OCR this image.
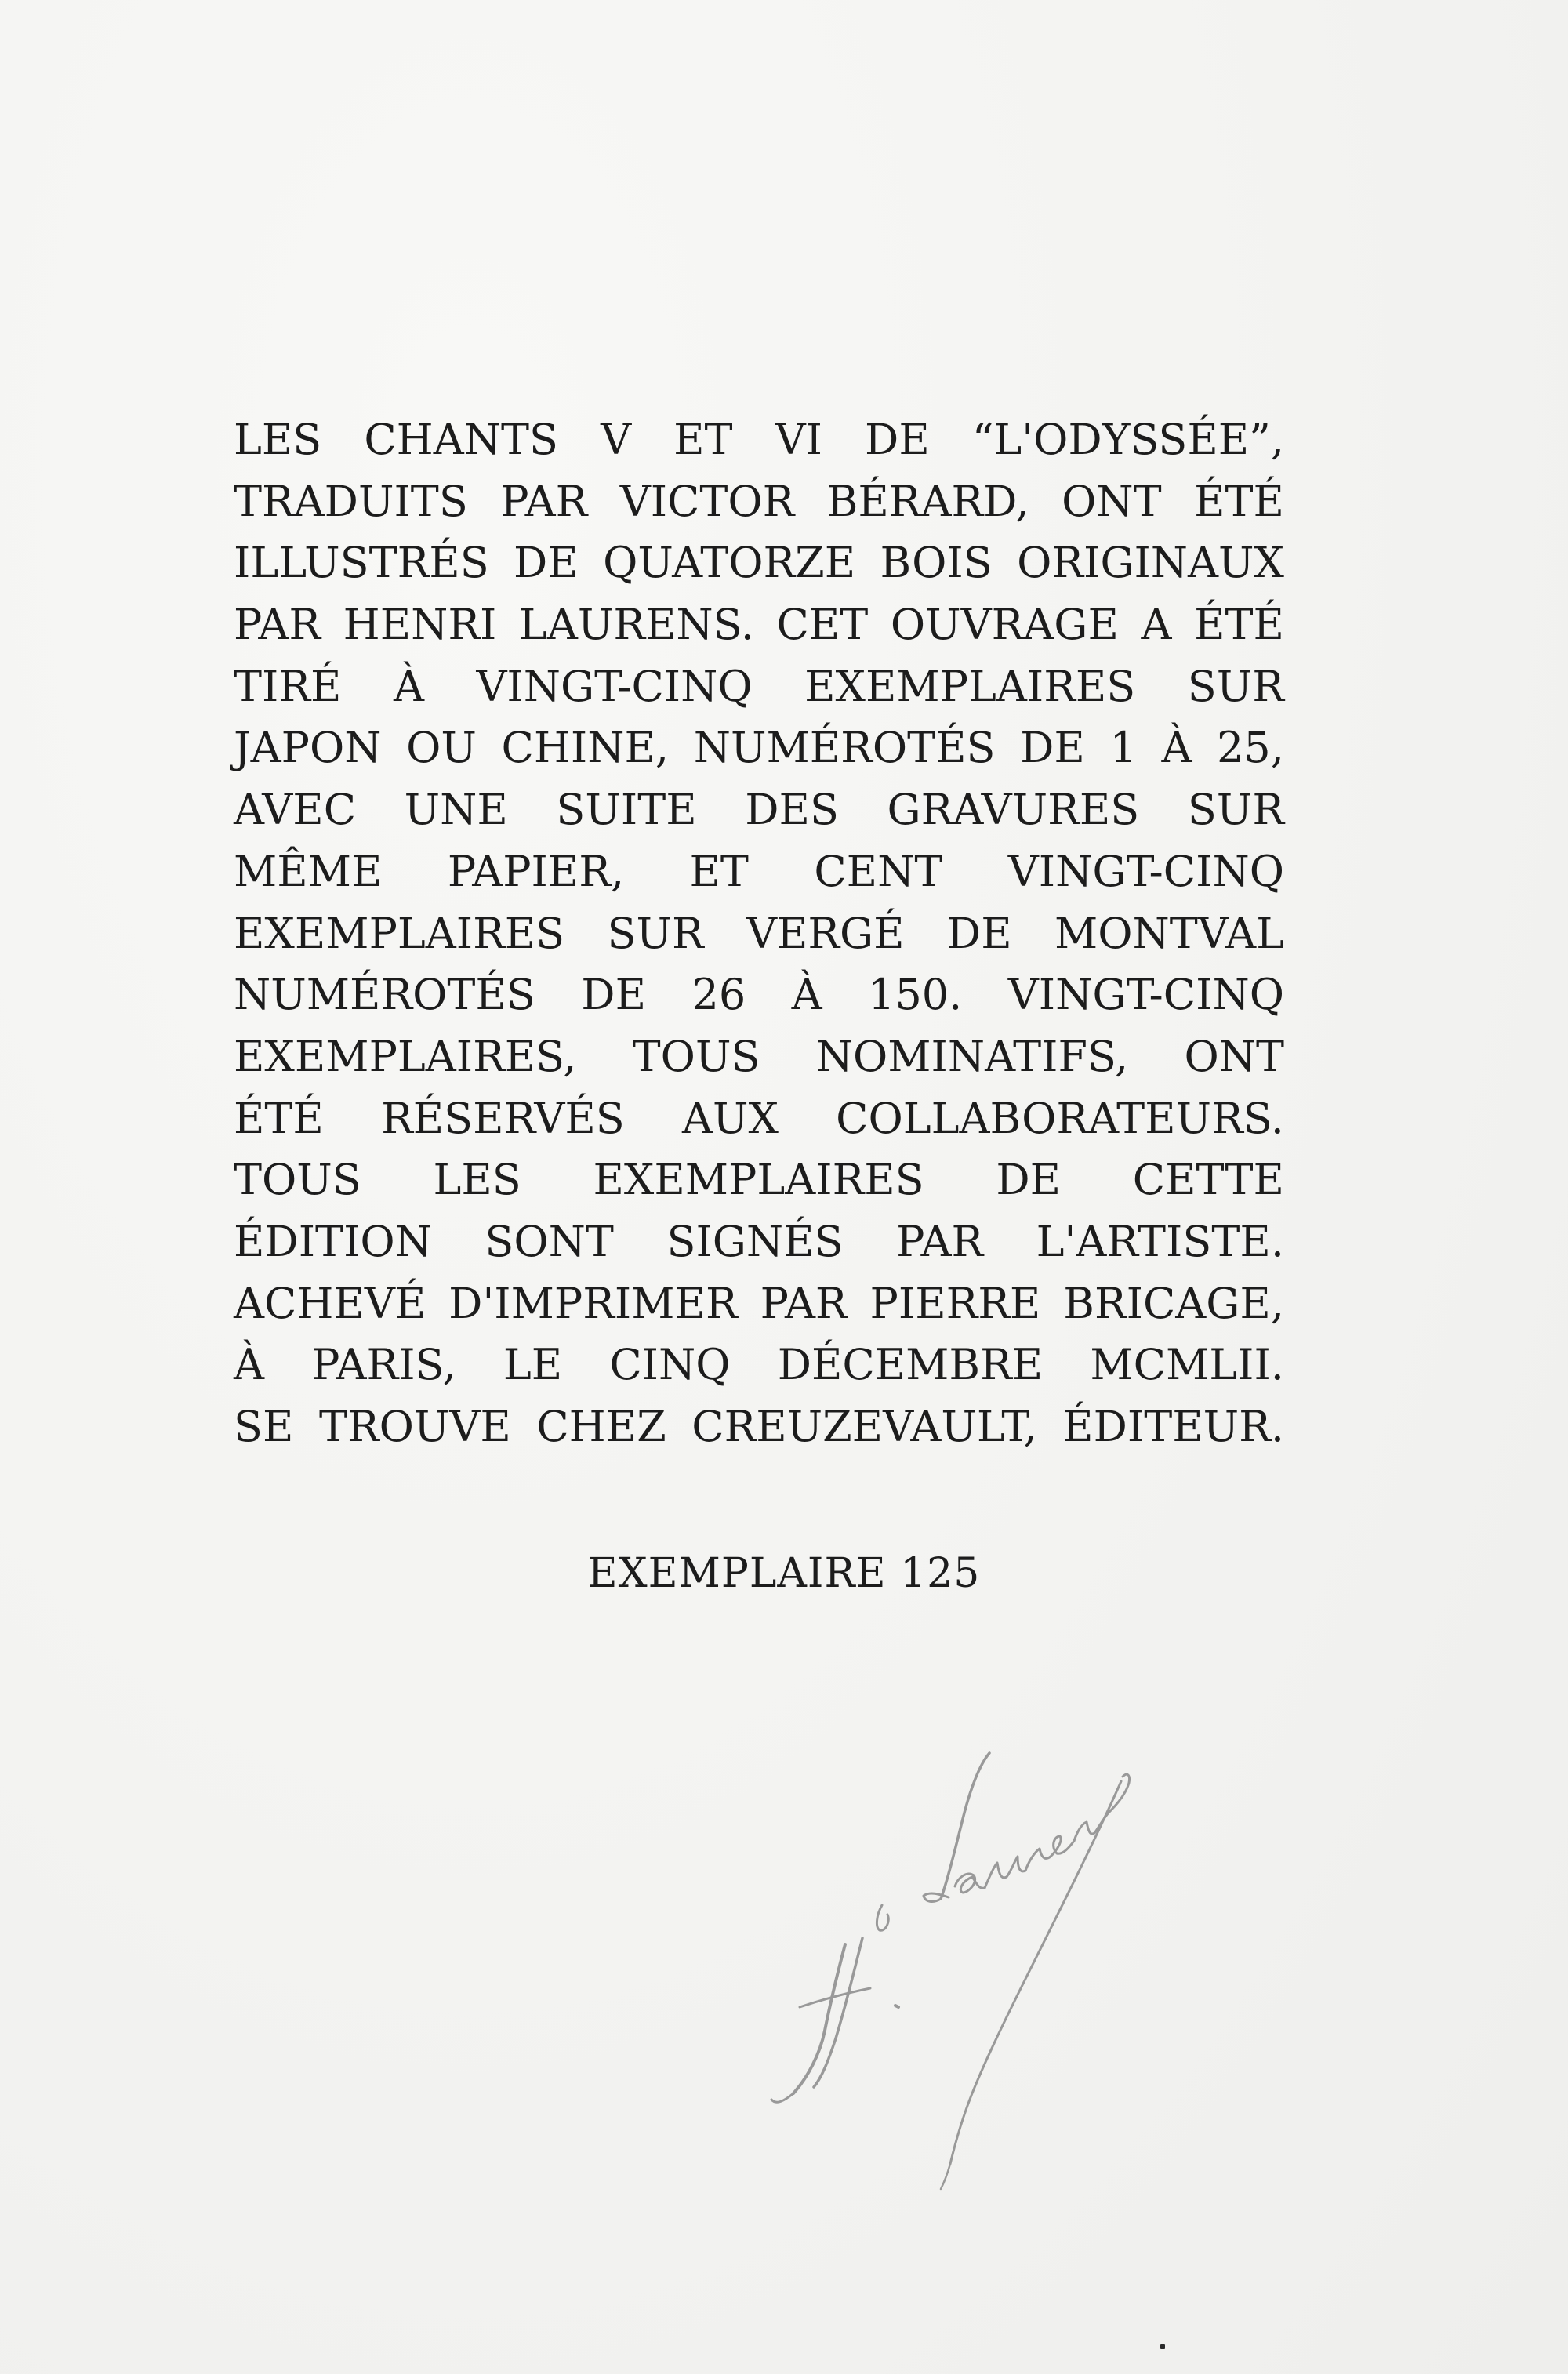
LES CHANTS V ET VI DE “L'ODYSSÉE”,
TRADUITS PAR VICTOR BÉRARD, ONT ÉTÉ
ILLUSTRÉS DE QUATORZE BOIS ORIGINAUX
PAR HENRI LAURENS. CET OUVRAGE A ÉTÉ
TIRÉ À VINGT-CINQ EXEMPLAIRES SUR
JAPON OU CHINE, NUMÉROTÉS DE 1 À 25,
AVEC UNE SUITE DES GRAVURES SUR
MÊME PAPIER, ET CENT VINGT-CINQ
EXEMPLAIRES SUR VERGÉ DE MONTVAL
NUMÉROTÉS DE 26 À 150. VINGT-CINQ
EXEMPLAIRES, TOUS NOMINATIFS, ONT
ÉTÉ RÉSERVÉS AUX COLLABORATEURS.
TOUS LES EXEMPLAIRES DE CETTE
ÉDITION SONT SIGNÉS PAR L'ARTISTE.
ACHEVÉ D'IMPRIMER PAR PIERRE BRICAGE,
À PARIS, LE CINQ DÉCEMBRE MCMLII.
SE TROUVE CHEZ CREUZEVAULT, ÉDITEUR.
EXEMPLAIRE 125
